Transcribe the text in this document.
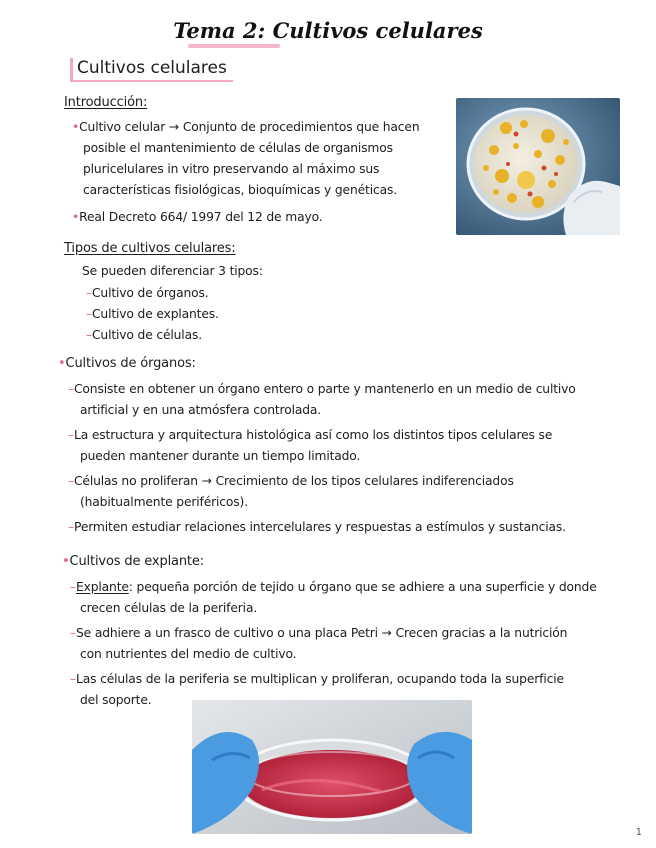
Tema 2: Cultivos celulares
Cultivos celulares
Introducción:
•Cultivo celular → Conjunto de procedimientos que hacen
posible el mantenimiento de células de organismos
pluricelulares in vitro preservando al máximo sus
características fisiológicas, bioquímicas y genéticas.
•Real Decreto 664/ 1997 del 12 de mayo.
Tipos de cultivos celulares:
Se pueden diferenciar 3 tipos:
–Cultivo de órganos.
–Cultivo de explantes.
–Cultivo de células.
•Cultivos de órganos:
–Consiste en obtener un órgano entero o parte y mantenerlo en un medio de cultivo
artificial y en una atmósfera controlada.
–La estructura y arquitectura histológica así como los distintos tipos celulares se
pueden mantener durante un tiempo limitado.
–Células no proliferan → Crecimiento de los tipos celulares indiferenciados
(habitualmente periféricos).
–Permiten estudiar relaciones intercelulares y respuestas a estímulos y sustancias.
•Cultivos de explante:
–Explante: pequeña porción de tejido u órgano que se adhiere a una superficie y donde
crecen células de la periferia.
–Se adhiere a un frasco de cultivo o una placa Petri → Crecen gracias a la nutrición
con nutrientes del medio de cultivo.
–Las células de la periferia se multiplican y proliferan, ocupando toda la superficie
del soporte.
1
